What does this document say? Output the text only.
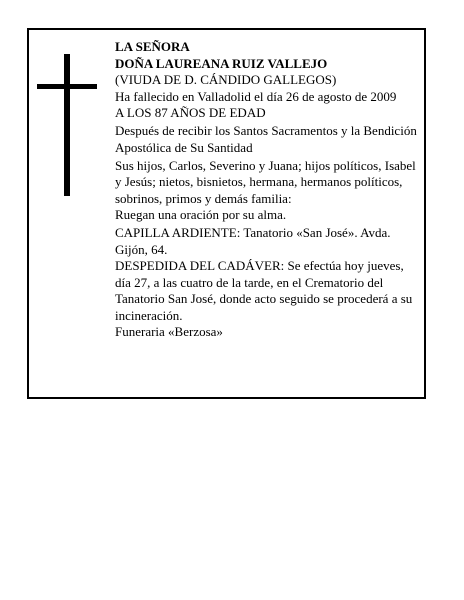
LA SEÑORA

DOÑA LAUREANA RUIZ VALLEJO

(VIUDA DE D. CÁNDIDO GALLEGOS)

Ha fallecido en Valladolid el día 26 de agosto de 2009

A LOS 87 AÑOS DE EDAD

Después de recibir los Santos Sacramentos y la Bendición Apostólica de Su Santidad

Sus hijos, Carlos, Severino y Juana; hijos políticos, Isabel y Jesús; nietos, bisnietos, hermana, hermanos políticos, sobrinos, primos y demás familia:

Ruegan una oración por su alma.

CAPILLA ARDIENTE: Tanatorio «San José». Avda. Gijón, 64.

DESPEDIDA DEL CADÁVER: Se efectúa hoy jueves, día 27, a las cuatro de la tarde, en el Crematorio del Tanatorio San José, donde acto seguido se procederá a su incineración.

Funeraria «Berzosa»
